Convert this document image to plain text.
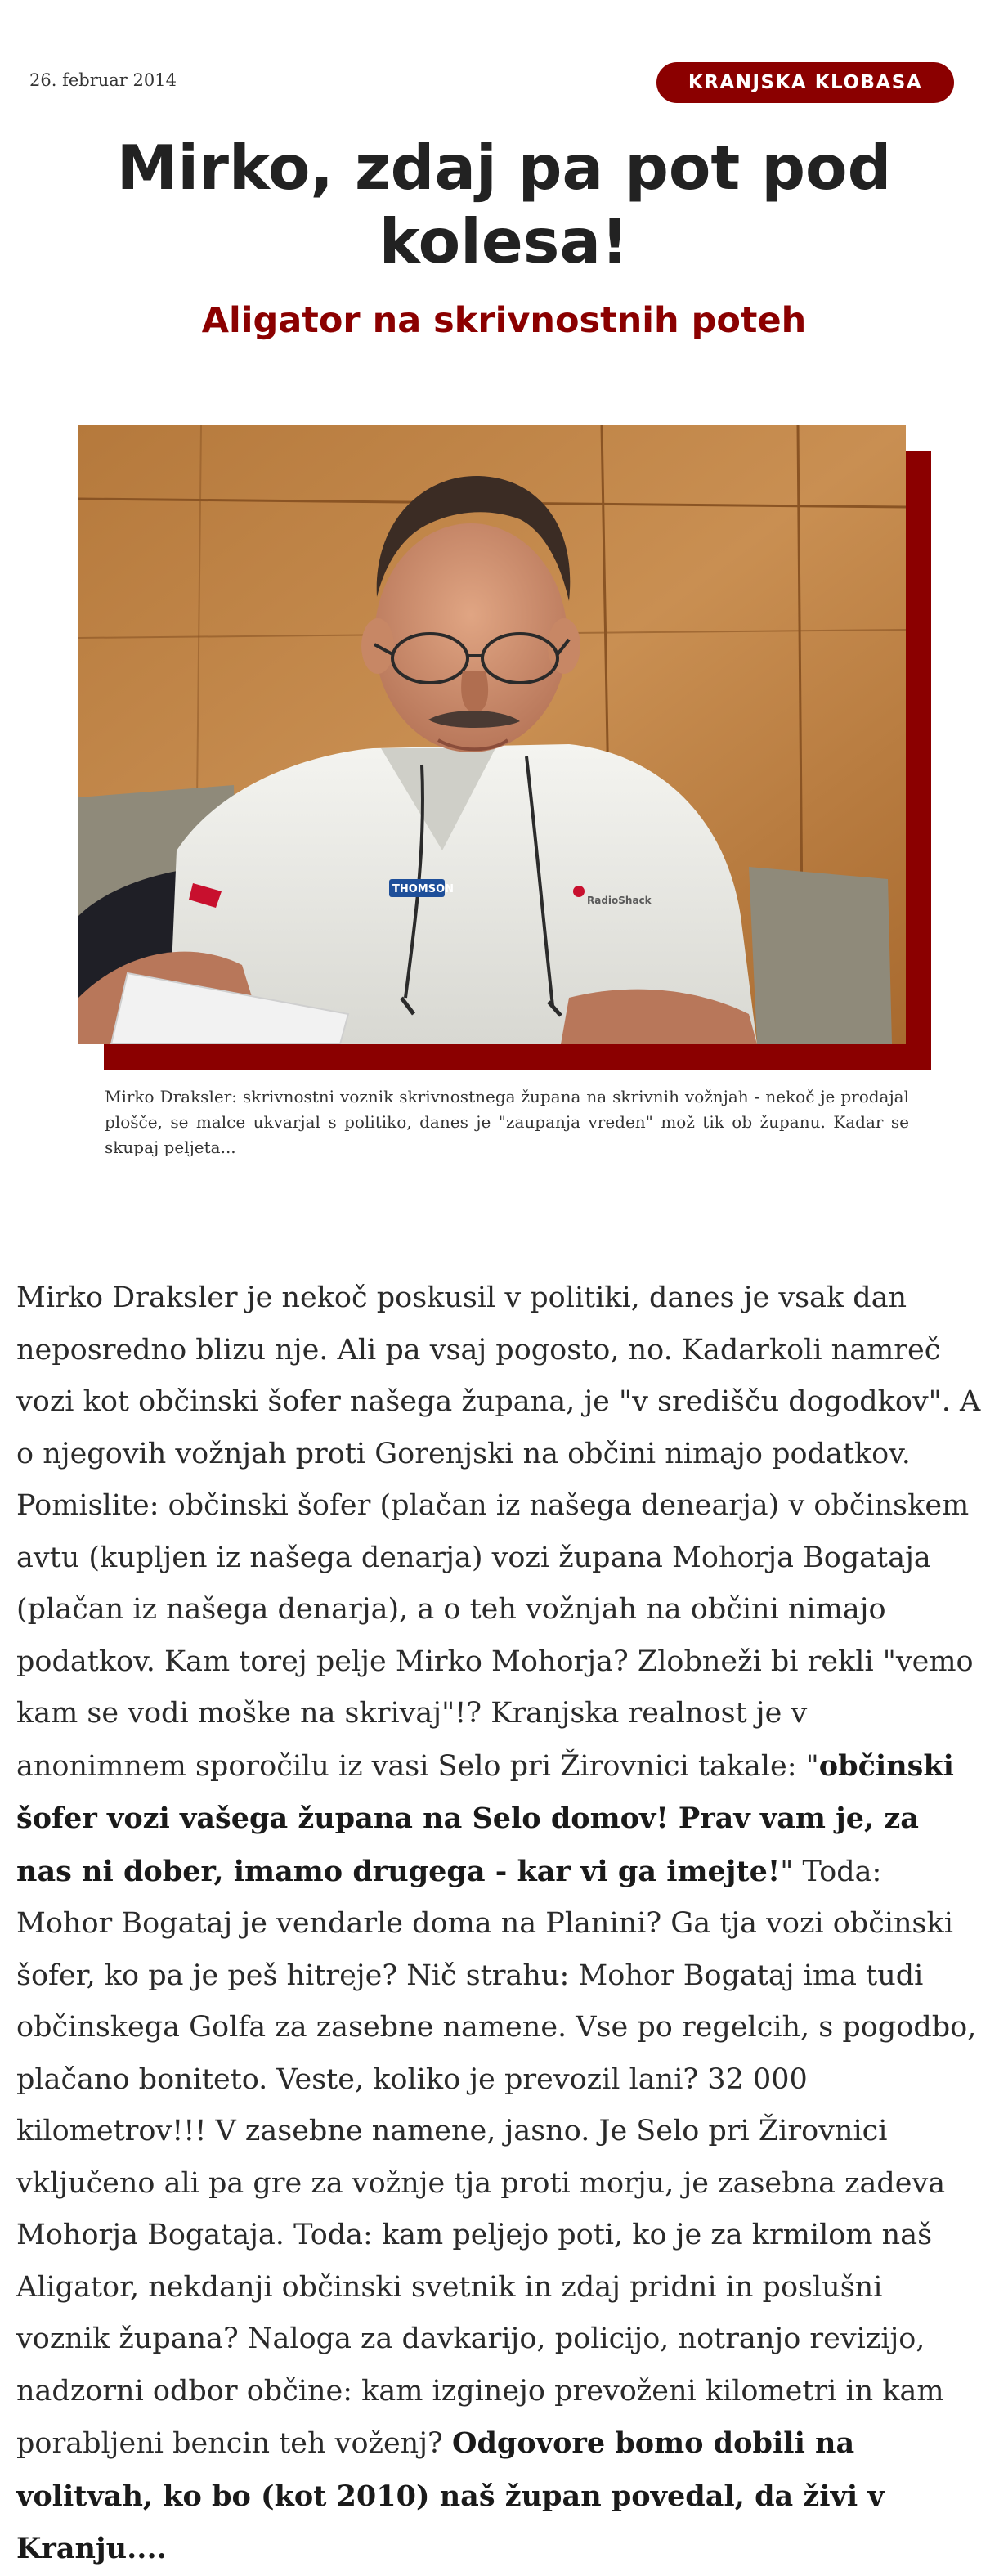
26. februar 2014	KRANJSKA KLOBASA
Mirko, zdaj pa pot pod kolesa!
Aligator na skrivnostnih poteh
THOMSON
RadioShack

Mirko Draksler: skrivnostni voznik skrivnostnega župana na skrivnih vožnjah - nekoč je prodajal plošče, se malce ukvarjal s politiko, danes je "zaupanja vreden" mož tik ob županu. Kadar se skupaj peljeta...

Mirko Draksler je nekoč poskusil v politiki, danes je vsak dan neposredno blizu nje. Ali pa vsaj pogosto, no. Kadarkoli namreč vozi kot občinski šofer našega župana, je "v središču dogodkov". A o njegovih vožnjah proti Gorenjski na občini nimajo podatkov. Pomislite: občinski šofer (plačan iz našega denearja) v občinskem avtu (kupljen iz našega denarja) vozi župana Mohorja Bogataja (plačan iz našega denarja), a o teh vožnjah na občini nimajo podatkov. Kam torej pelje Mirko Mohorja? Zlobneži bi rekli "vemo kam se vodi moške na skrivaj"!? Kranjska realnost je v anonimnem sporočilu iz vasi Selo pri Žirovnici takale: "občinski šofer vozi vašega župana na Selo domov! Prav vam je, za nas ni dober, imamo drugega - kar vi ga imejte!" Toda: Mohor Bogataj je vendarle doma na Planini? Ga tja vozi občinski šofer, ko pa je peš hitreje? Nič strahu: Mohor Bogataj ima tudi občinskega Golfa za zasebne namene. Vse po regelcih, s pogodbo, plačano boniteto. Veste, koliko je prevozil lani? 32 000 kilometrov!!! V zasebne namene, jasno. Je Selo pri Žirovnici vključeno ali pa gre za vožnje tja proti morju, je zasebna zadeva Mohorja Bogataja. Toda: kam peljejo poti, ko je za krmilom naš Aligator, nekdanji občinski svetnik in zdaj pridni in poslušni voznik župana? Naloga za davkarijo, policijo, notranjo revizijo, nadzorni odbor občine: kam izginejo prevoženi kilometri in kam porabljeni bencin teh voženj? Odgovore bomo dobili na volitvah, ko bo (kot 2010) naš župan povedal, da živi v Kranju....
